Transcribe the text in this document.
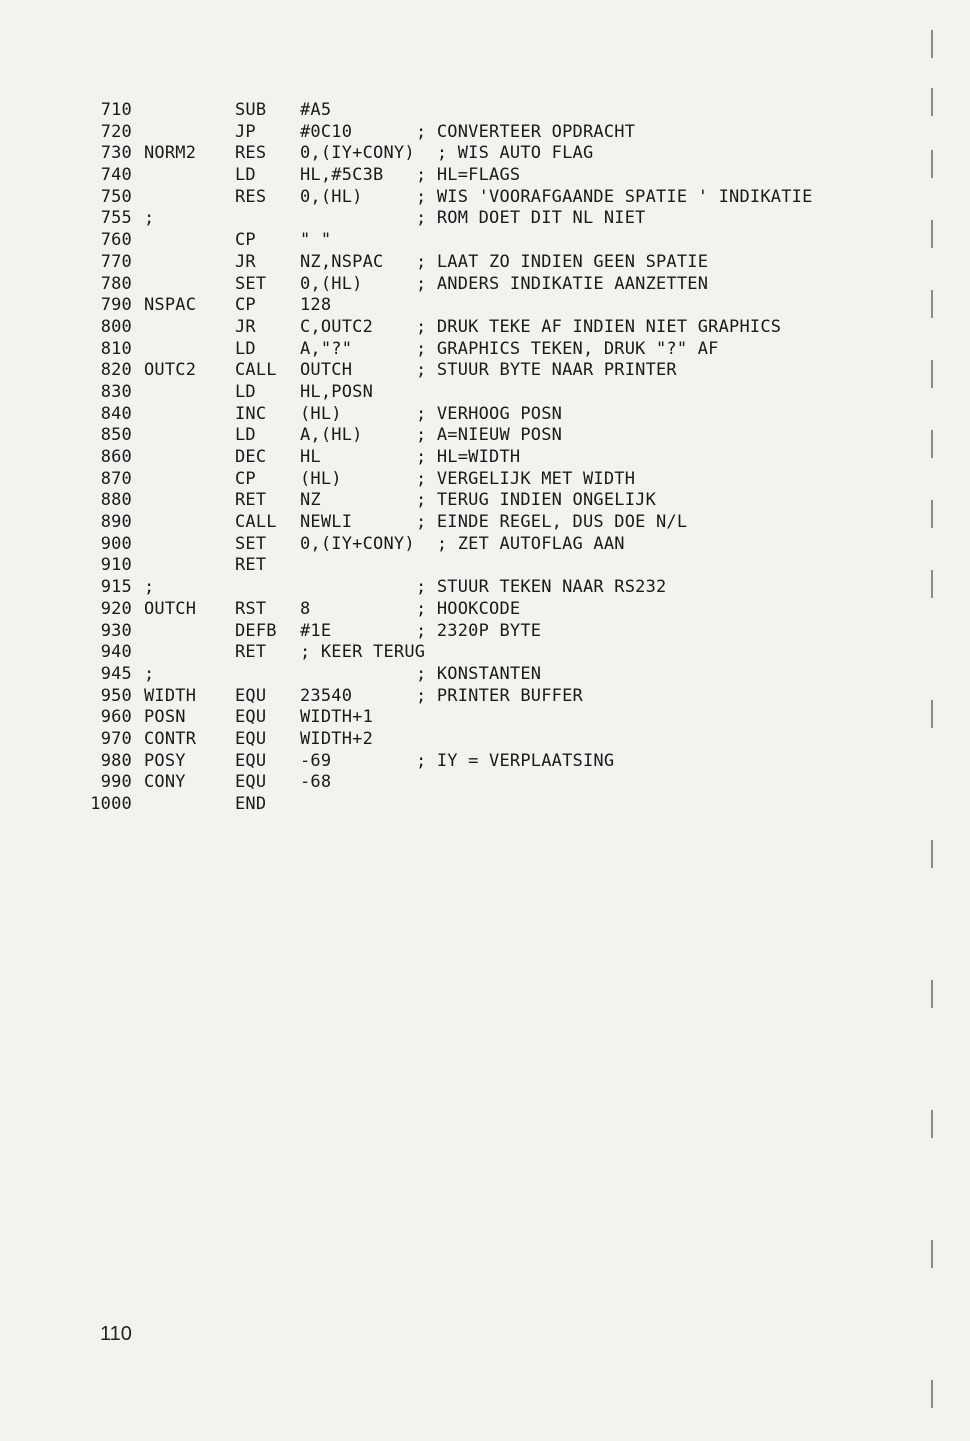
710	SUB #A5
720	JP	#0C10	; CONVERTEER OPDRACHT
730 NORM2 RES 0,(IY+CONY) ; WIS AUTO FLAG
740	LD	HL,#5C3B ; HL=FLAGS
750	RES 0,(HL)	; WIS 'VOORAFGAANDE SPATIE ' INDIKATIE
755 ;	; ROM DOET DIT NL NIET
760	CP	" "
770	JR	NZ,NSPAC ; LAAT ZO INDIEN GEEN SPATIE
780	SET 0,(HL)	; ANDERS INDIKATIE AANZETTEN
790 NSPAC CP	128
800	JR	C,OUTC2	; DRUK TEKE AF INDIEN NIET GRAPHICS
810	LD	A,"?"	; GRAPHICS TEKEN, DRUK "?" AF
820 OUTC2 CALL OUTCH	; STUUR BYTE NAAR PRINTER
830	LD	HL,POSN
840	INC (HL)	; VERHOOG POSN
850	LD	A,(HL)	; A=NIEUW POSN
860	DEC HL	; HL=WIDTH
870	CP	(HL)	; VERGELIJK MET WIDTH
880	RET NZ	; TERUG INDIEN ONGELIJK
890	CALL NEWLI	; EINDE REGEL, DUS DOE N/L
900	SET 0,(IY+CONY) ; ZET AUTOFLAG AAN
910	RET
915 ;	; STUUR TEKEN NAAR RS232
920 OUTCH RST 8	; HOOKCODE
930	DEFB #1E	; 2320P BYTE
940	RET ; KEER TERUG
945 ;	; KONSTANTEN
950 WIDTH EQU 23540	; PRINTER BUFFER
960 POSN	EQU WIDTH+1
970 CONTR EQU WIDTH+2
980 POSY	EQU -69	; IY = VERPLAATSING
990 CONY	EQU -68
1000	END
110
